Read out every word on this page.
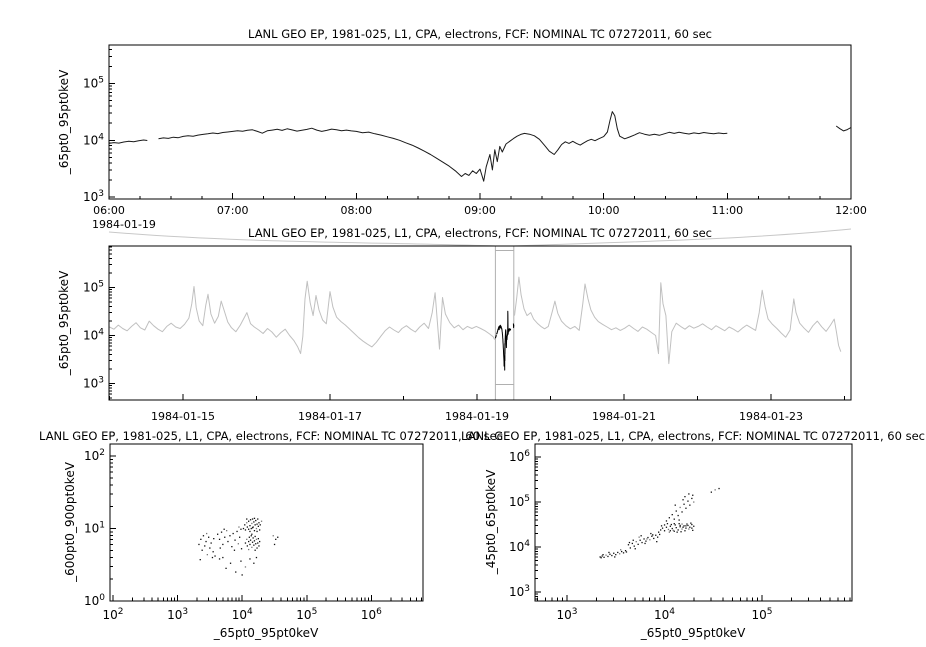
$10^3$
$10^4$
$10^5$
06:00	07:00	08:00	09:00	10:00	11:00	12:00
$10^3$
$10^4$
$10^5$
1984-01-15	1984-01-17	1984-01-19	1984-01-21	1984-01-23
$10^0$
$10^1$
$10^2$
$10^2$	$10^3$	$10^4$	$10^5$	$10^6$
$10^3$
$10^4$
$10^5$
$10^6$
$10^3$	$10^4$	$10^5$
LANL GEO EP, 1981-025, L1, CPA, electrons, FCF: NOMINAL TC 07272011, 60 sec
LANL GEO EP, 1981-025, L1, CPA, electrons, FCF: NOMINAL TC 07272011, 60 sec
LANL GEO EP, 1981-025, L1, CPA, electrons, FCF: NOMINAL TC 07272011, 60 sec
LANL GEO EP, 1981-025, L1, CPA, electrons, FCF: NOMINAL TC 07272011, 60 sec
_65pt0_95pt0keV
_65pt0_95pt0keV
_600pt0_900pt0keV	_45pt0_65pt0keV
_65pt0_95pt0keV	_65pt0_95pt0keV
1984-01-19
